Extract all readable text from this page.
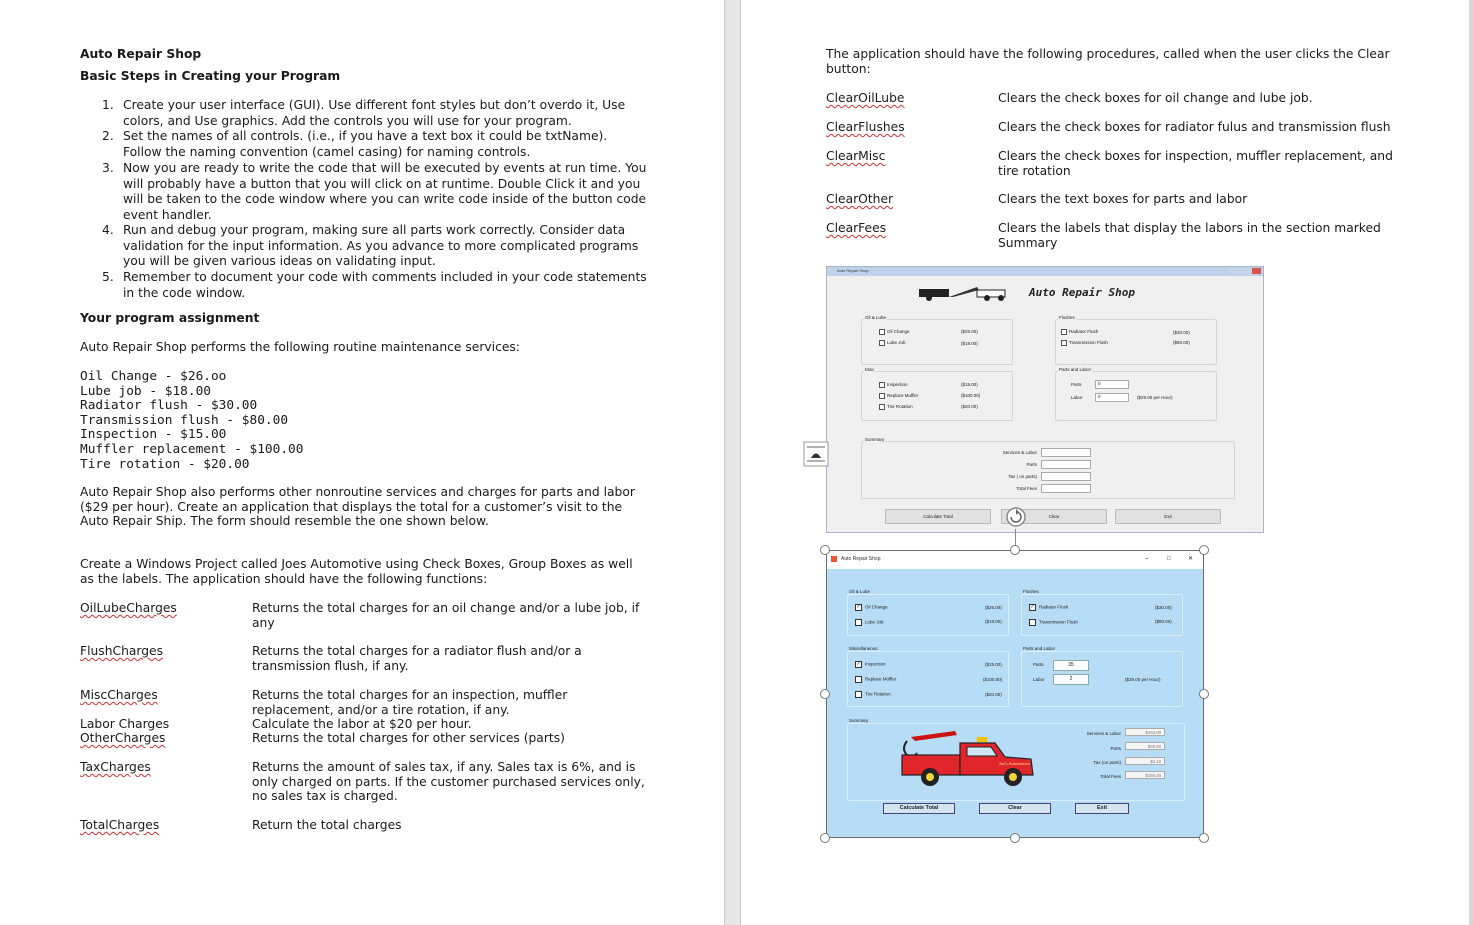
Auto Repair Shop
Basic Steps in Creating your Program
1. Create your user interface (GUI). Use different font styles but don’t overdo it, Use
colors, and Use graphics. Add the controls you will use for your program.
2. Set the names of all controls. (i.e., if you have a text box it could be txtName).
Follow the naming convention (camel casing) for naming controls.
3. Now you are ready to write the code that will be executed by events at run time. You
will probably have a button that you will click on at runtime. Double Click it and you
will be taken to the code window where you can write code inside of the button code
event handler.
4. Run and debug your program, making sure all parts work correctly. Consider data
validation for the input information. As you advance to more complicated programs
you will be given various ideas on validating input.
5. Remember to document your code with comments included in your code statements
in the code window.
Your program assignment
Auto Repair Shop performs the following routine maintenance services:
Oil Change - $26.oo
Lube job - $18.00
Radiator flush - $30.00
Transmission flush - $80.00
Inspection - $15.00
Muffler replacement - $100.00
Tire rotation - $20.00
Auto Repair Shop also performs other nonroutine services and charges for parts and labor
($29 per hour). Create an application that displays the total for a customer’s visit to the
Auto Repair Ship. The form should resemble the one shown below.
Create a Windows Project called Joes Automotive using Check Boxes, Group Boxes as well
as the labels. The application should have the following functions:
OilLubeCharges	Returns the total charges for an oil change and/or a lube job, if
any
FlushCharges	Returns the total charges for a radiator flush and/or a
transmission flush, if any.
MiscCharges	Returns the total charges for an inspection, muffler
replacement, and/or a tire rotation, if any.
Labor Charges	Calculate the labor at $20 per hour.
OtherCharges	Returns the total charges for other services (parts)
TaxCharges	Returns the amount of sales tax, if any. Sales tax is 6%, and is
only charged on parts. If the customer purchased services only,
no sales tax is charged.
TotalCharges	Return the total charges
The application should have the following procedures, called when the user clicks the Clear
button:
ClearOilLube	Clears the check boxes for oil change and lube job.
ClearFlushes	Clears the check boxes for radiator fulus and transmission flush
ClearMisc	Clears the check boxes for inspection, muffler replacement, and
tire rotation
ClearOther	Clears the text boxes for parts and labor
ClearFees	Clears the labels that display the labors in the section marked
Summary
Auto Repair Shop
Auto Repair Shop
Oil & Lube
Oil Change	($26.00)
Lube Job	($18.00)
Flushes
Radiator Flush	($30.00)
Transmission Flush	($80.00)
Misc
Inspection	($15.00)
Replace Muffler	($100.00)
Tire Rotation	($20.00)
Parts and Labor
Parts	0
Labor	0	($29.00 per Hour)
Summary
Services & Labor
Parts
Tax ( on parts)
Total Fees
Calculate Total	Clear	Exit
Auto Repair Shop	–	□	✕
Oil & Lube
✓ Oil Change	($26.00)
Lube Job	($18.00)
Flushes
✓ Radiator Flush	($30.00)
Transmission Flush	($80.00)
Miscellaneous
✓ Inspection	($15.00)
Replace Muffler	($100.00)
Tire Rotation	($20.00)
Parts and Labor
Parts	35
Labor	2	($29.00 per Hour)
Summary
Joe's Automotive
Services & Labor	$164.00
Parts	$35.00
Tax (on parts)	$2.10
Total Fees	$166.00
Calculate Total	Clear	Exit
